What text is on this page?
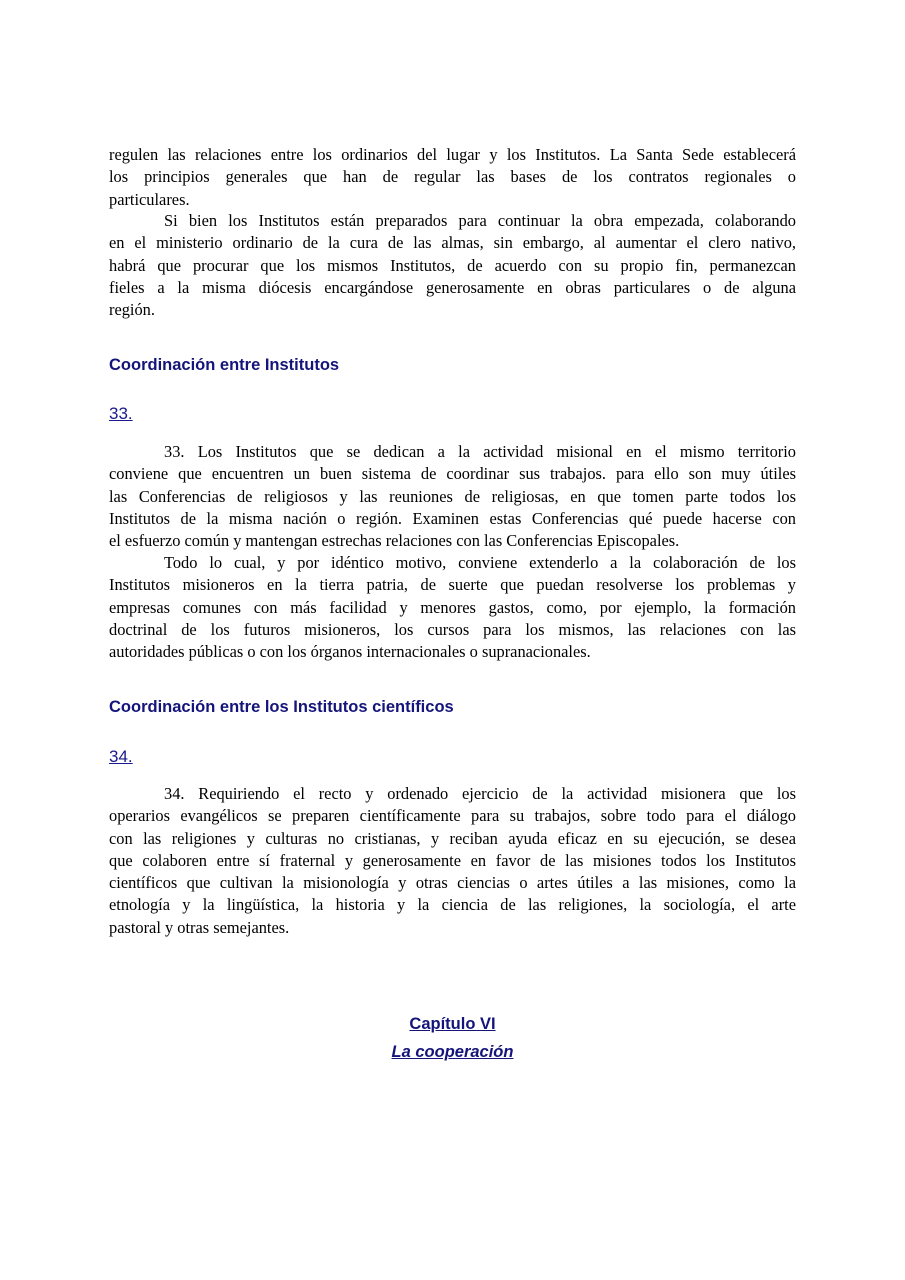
regulen las relaciones entre los ordinarios del lugar y los Institutos. La Santa Sede establecerá
los principios generales que han de regular las bases de los contratos regionales o
particulares.
Si bien los Institutos están preparados para continuar la obra empezada, colaborando
en el ministerio ordinario de la cura de las almas, sin embargo, al aumentar el clero nativo,
habrá que procurar que los mismos Institutos, de acuerdo con su propio fin, permanezcan
fieles a la misma diócesis encargándose generosamente en obras particulares o de alguna
región.
Coordinación entre Institutos
33.
33. Los Institutos que se dedican a la actividad misional en el mismo territorio
conviene que encuentren un buen sistema de coordinar sus trabajos. para ello son muy útiles
las Conferencias de religiosos y las reuniones de religiosas, en que tomen parte todos los
Institutos de la misma nación o región. Examinen estas Conferencias qué puede hacerse con
el esfuerzo común y mantengan estrechas relaciones con las Conferencias Episcopales.
Todo lo cual, y por idéntico motivo, conviene extenderlo a la colaboración de los
Institutos misioneros en la tierra patria, de suerte que puedan resolverse los problemas y
empresas comunes con más facilidad y menores gastos, como, por ejemplo, la formación
doctrinal de los futuros misioneros, los cursos para los mismos, las relaciones con las
autoridades públicas o con los órganos internacionales o supranacionales.
Coordinación entre los Institutos científicos
34.
34. Requiriendo el recto y ordenado ejercicio de la actividad misionera que los
operarios evangélicos se preparen científicamente para su trabajos, sobre todo para el diálogo
con las religiones y culturas no cristianas, y reciban ayuda eficaz en su ejecución, se desea
que colaboren entre sí fraternal y generosamente en favor de las misiones todos los Institutos
científicos que cultivan la misionología y otras ciencias o artes útiles a las misiones, como la
etnología y la lingüística, la historia y la ciencia de las religiones, la sociología, el arte
pastoral y otras semejantes.
Capítulo VI
La cooperación
